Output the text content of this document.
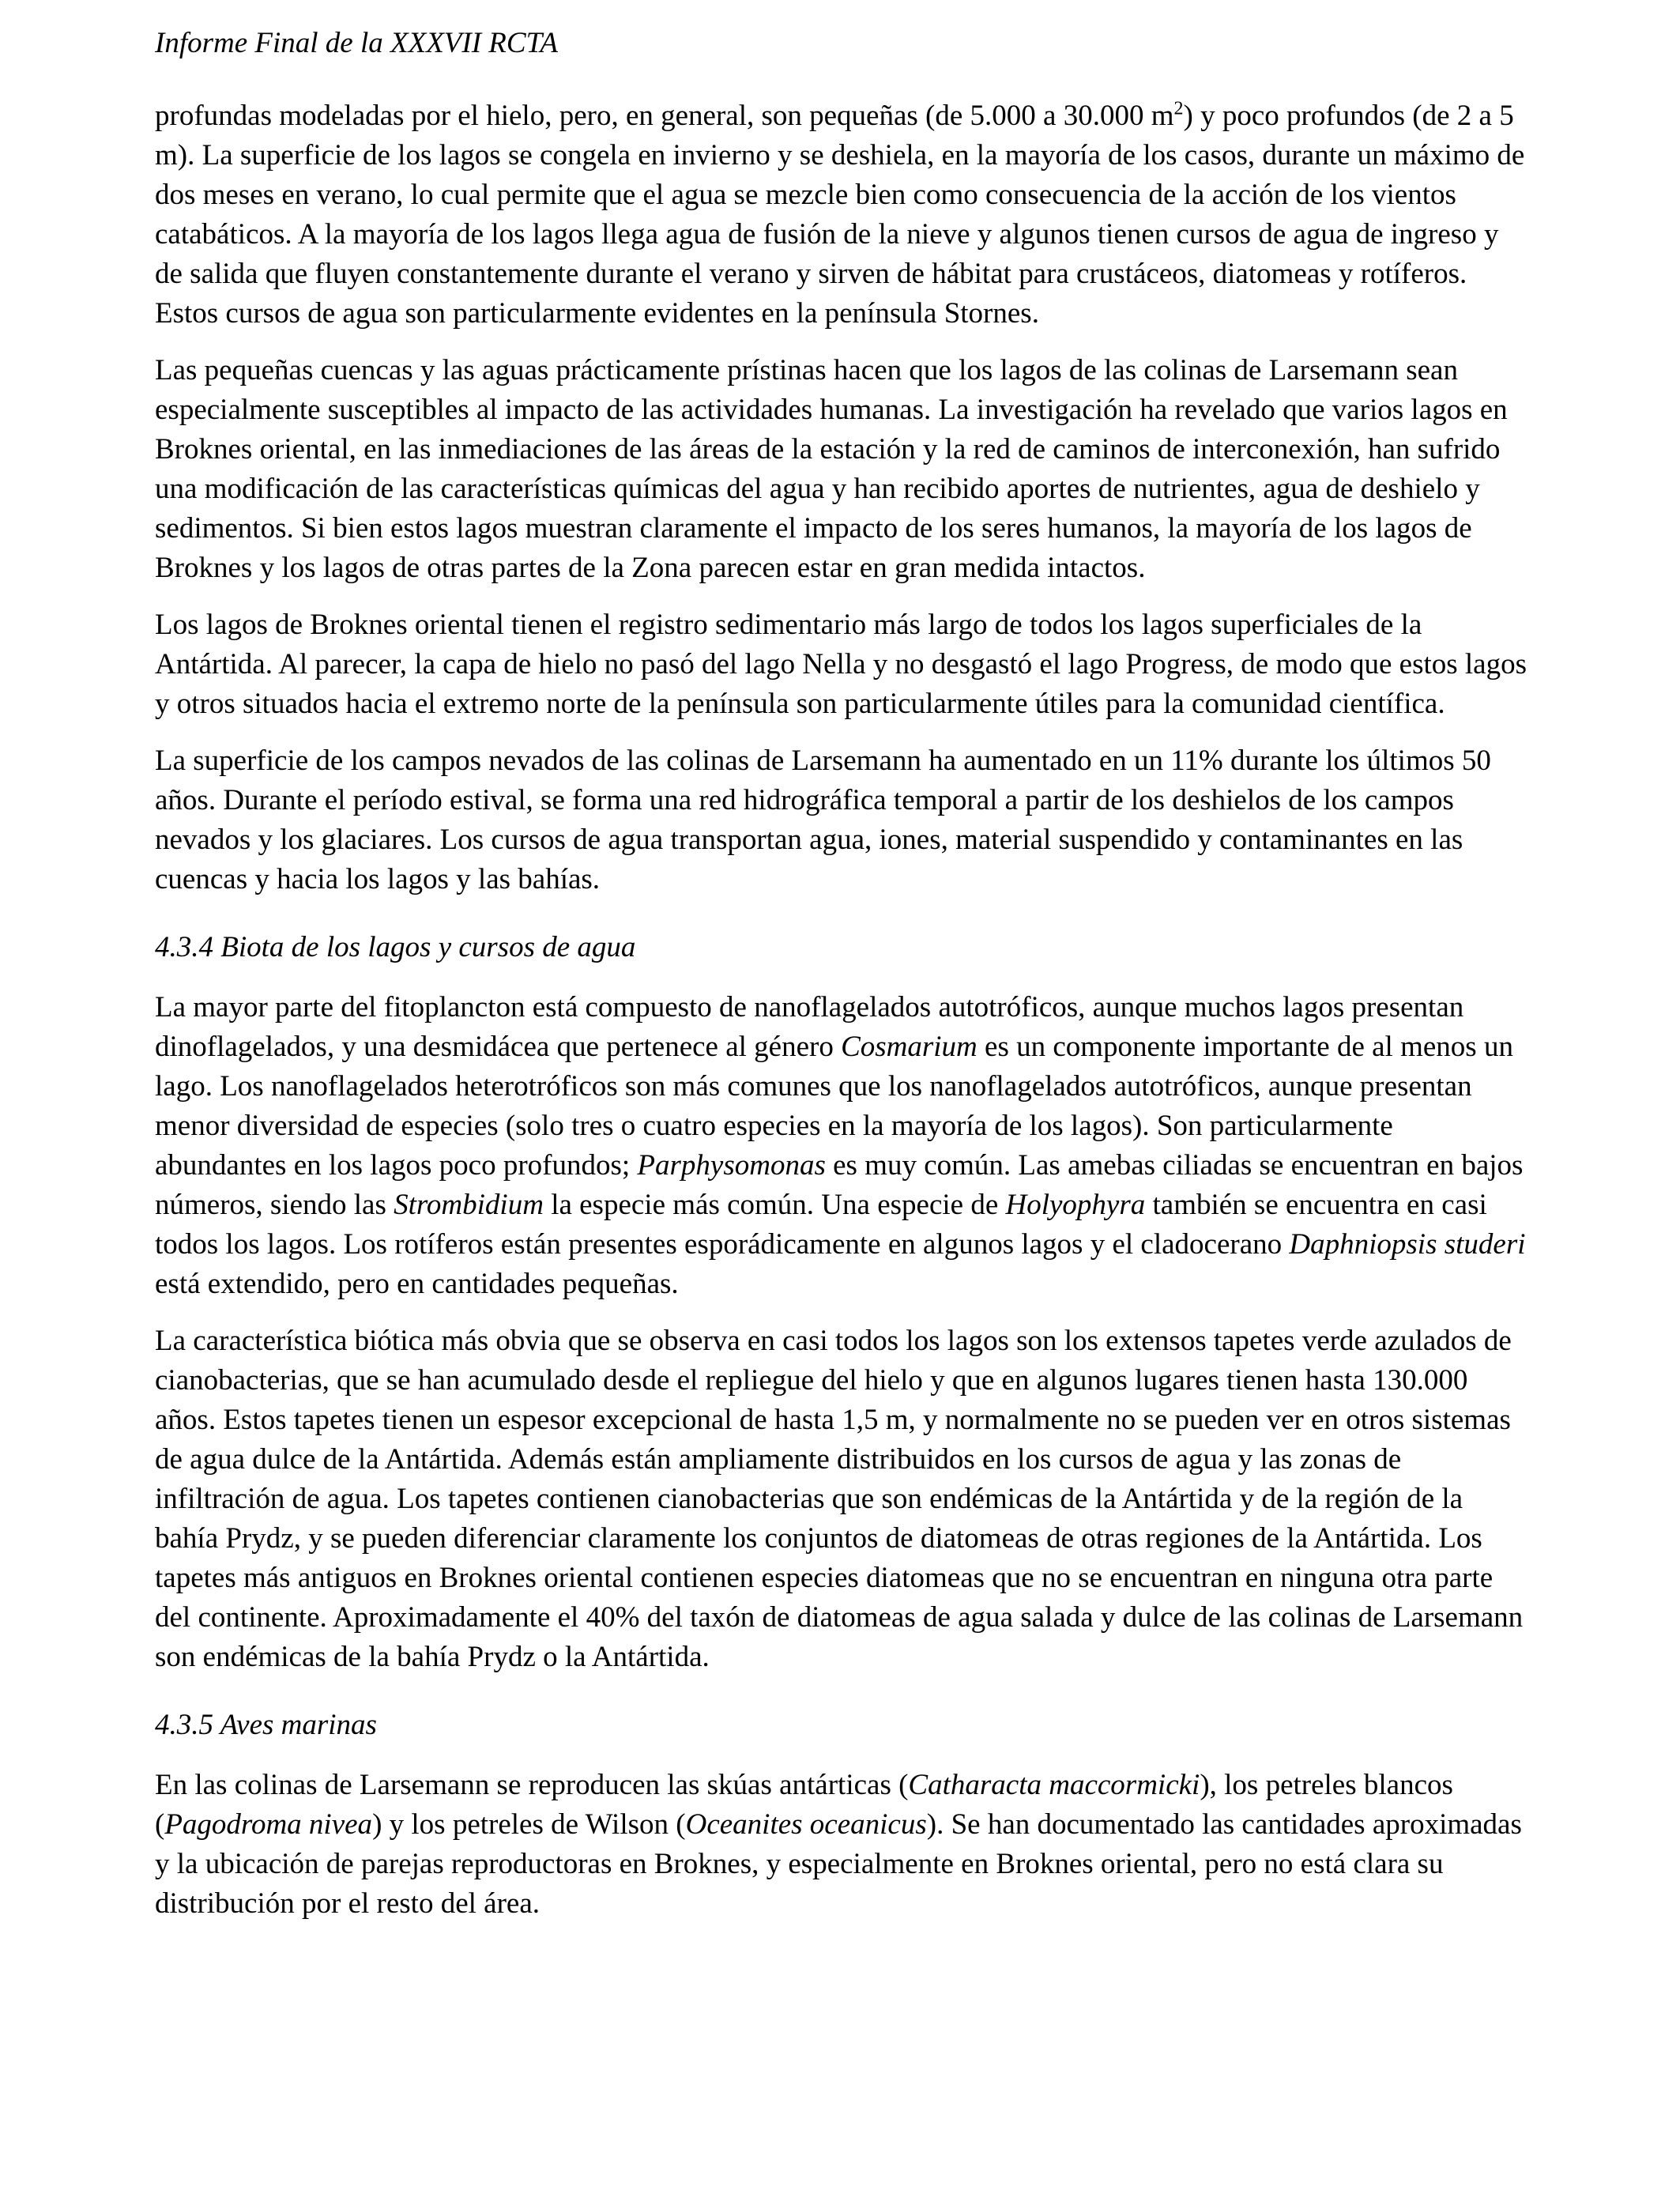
Informe Final de la XXXVII RCTA

profundas modeladas por el hielo, pero, en general, son pequeñas (de 5.000 a 30.000 $m^2$) y poco profundos (de 2 a 5 m). La superficie de los lagos se congela en invierno y se deshiela, en la mayoría de los casos, durante un máximo de dos meses en verano, lo cual permite que el agua se mezcle bien como consecuencia de la acción de los vientos catabáticos. A la mayoría de los lagos llega agua de fusión de la nieve y algunos tienen cursos de agua de ingreso y de salida que fluyen constantemente durante el verano y sirven de hábitat para crustáceos, diatomeas y rotíferos. Estos cursos de agua son particularmente evidentes en la península Stornes.

Las pequeñas cuencas y las aguas prácticamente prístinas hacen que los lagos de las colinas de Larsemann sean especialmente susceptibles al impacto de las actividades humanas. La investigación ha revelado que varios lagos en Broknes oriental, en las inmediaciones de las áreas de la estación y la red de caminos de interconexión, han sufrido una modificación de las características químicas del agua y han recibido aportes de nutrientes, agua de deshielo y sedimentos. Si bien estos lagos muestran claramente el impacto de los seres humanos, la mayoría de los lagos de Broknes y los lagos de otras partes de la Zona parecen estar en gran medida intactos.

Los lagos de Broknes oriental tienen el registro sedimentario más largo de todos los lagos superficiales de la Antártida. Al parecer, la capa de hielo no pasó del lago Nella y no desgastó el lago Progress, de modo que estos lagos y otros situados hacia el extremo norte de la península son particularmente útiles para la comunidad científica.

La superficie de los campos nevados de las colinas de Larsemann ha aumentado en un 11% durante los últimos 50 años. Durante el período estival, se forma una red hidrográfica temporal a partir de los deshielos de los campos nevados y los glaciares. Los cursos de agua transportan agua, iones, material suspendido y contaminantes en las cuencas y hacia los lagos y las bahías.

4.3.4 Biota de los lagos y cursos de agua

La mayor parte del fitoplancton está compuesto de nanoflagelados autotróficos, aunque muchos lagos presentan dinoflagelados, y una desmidácea que pertenece al género Cosmarium es un componente importante de al menos un lago. Los nanoflagelados heterotróficos son más comunes que los nanoflagelados autotróficos, aunque presentan menor diversidad de especies (solo tres o cuatro especies en la mayoría de los lagos). Son particularmente abundantes en los lagos poco profundos; Parphysomonas es muy común. Las amebas ciliadas se encuentran en bajos números, siendo las Strombidium la especie más común. Una especie de Holyophyra también se encuentra en casi todos los lagos. Los rotíferos están presentes esporádicamente en algunos lagos y el cladocerano Daphniopsis studeri está extendido, pero en cantidades pequeñas.

La característica biótica más obvia que se observa en casi todos los lagos son los extensos tapetes verde azulados de cianobacterias, que se han acumulado desde el repliegue del hielo y que en algunos lugares tienen hasta 130.000 años. Estos tapetes tienen un espesor excepcional de hasta 1,5 m, y normalmente no se pueden ver en otros sistemas de agua dulce de la Antártida. Además están ampliamente distribuidos en los cursos de agua y las zonas de infiltración de agua. Los tapetes contienen cianobacterias que son endémicas de la Antártida y de la región de la bahía Prydz, y se pueden diferenciar claramente los conjuntos de diatomeas de otras regiones de la Antártida. Los tapetes más antiguos en Broknes oriental contienen especies diatomeas que no se encuentran en ninguna otra parte del continente. Aproximadamente el 40% del taxón de diatomeas de agua salada y dulce de las colinas de Larsemann son endémicas de la bahía Prydz o la Antártida.

4.3.5 Aves marinas

En las colinas de Larsemann se reproducen las skúas antárticas (Catharacta maccormicki), los petreles blancos (Pagodroma nivea) y los petreles de Wilson (Oceanites oceanicus). Se han documentado las cantidades aproximadas y la ubicación de parejas reproductoras en Broknes, y especialmente en Broknes oriental, pero no está clara su distribución por el resto del área.
